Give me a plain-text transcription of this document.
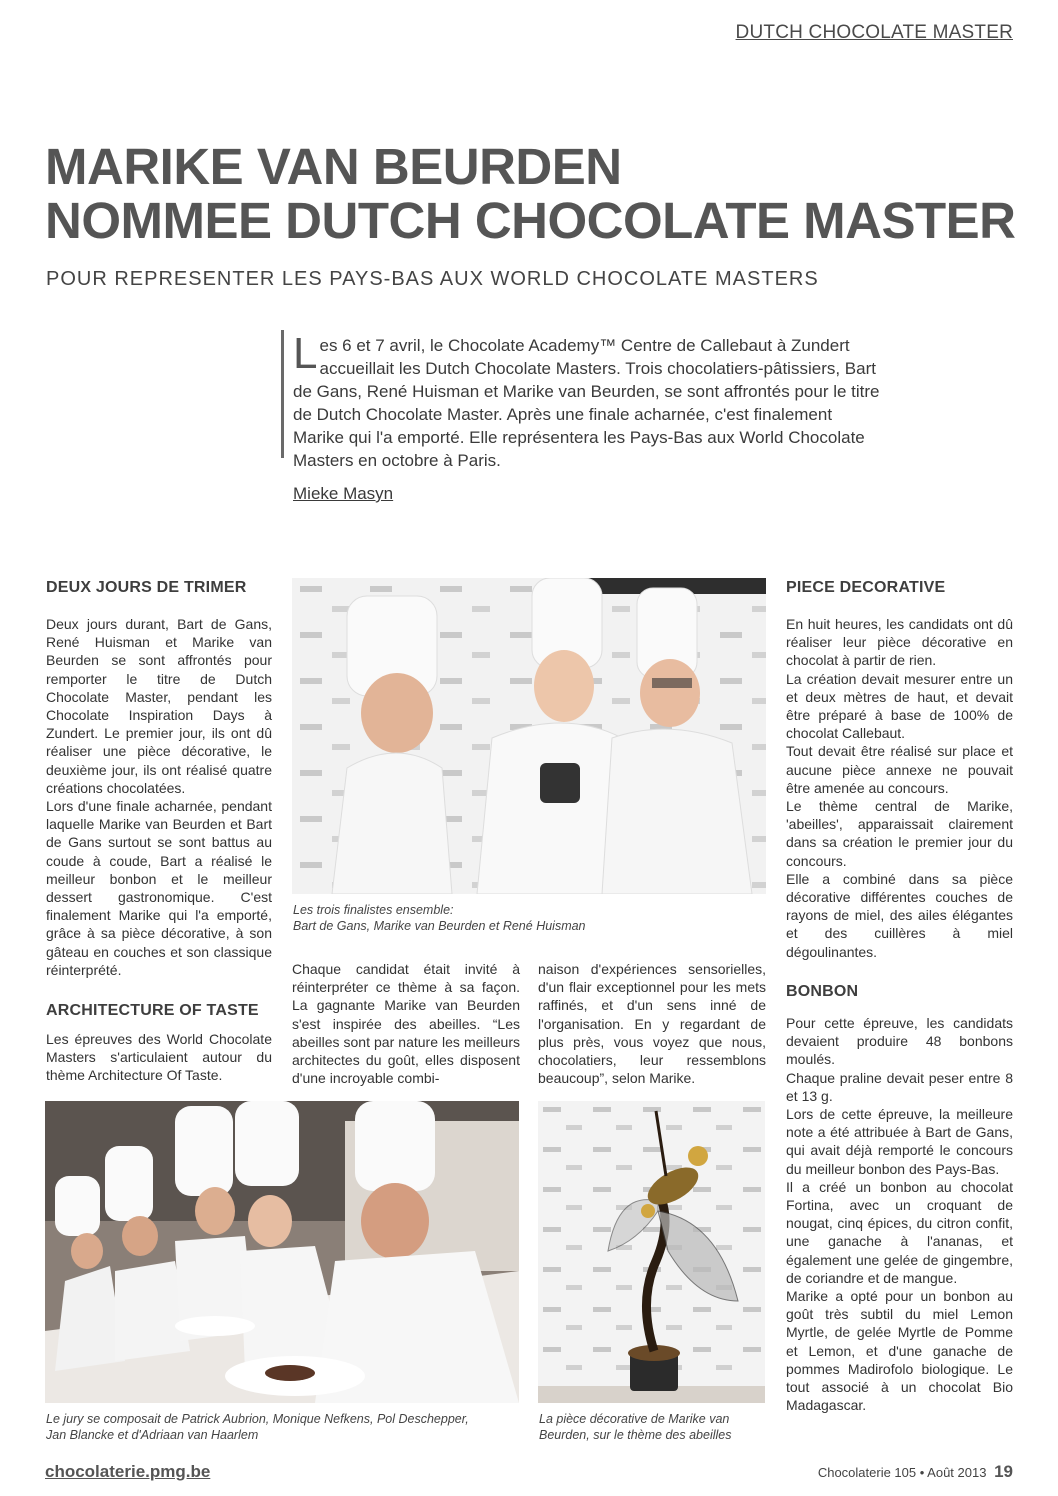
DUTCH CHOCOLATE MASTER
MARIKE VAN BEURDEN
NOMMEE DUTCH CHOCOLATE MASTER
POUR REPRESENTER LES PAYS-BAS AUX WORLD CHOCOLATE MASTERS
Les 6 et 7 avril, le Chocolate Academy™ Centre de Callebaut à Zundert accueillait les Dutch Chocolate Masters. Trois chocolatiers-pâtissiers, Bart de Gans, René Huisman et Marike van Beurden, se sont affrontés pour le titre de Dutch Chocolate Master. Après une finale acharnée, c'est finalement Marike qui l'a emporté. Elle représentera les Pays-Bas aux World Chocolate Masters en octobre à Paris.
Mieke Masyn
DEUX JOURS DE TRIMER
Deux jours durant, Bart de Gans, René Huisman et Marike van Beurden se sont affrontés pour remporter le titre de Dutch Chocolate Master, pendant les Chocolate Inspiration Days à Zundert. Le premier jour, ils ont dû réaliser une pièce décorative, le deuxième jour, ils ont réalisé quatre créations chocolatées.
Lors d'une finale acharnée, pendant laquelle Marike van Beurden et Bart de Gans surtout se sont battus au coude à coude, Bart a réalisé le meilleur bonbon et le meilleur dessert gastronomique. C'est finalement Marike qui l'a emporté, grâce à sa pièce décorative, à son gâteau en couches et son classique réinterprété.
ARCHITECTURE OF TASTE
Les épreuves des World Chocolate Masters s'articulaient autour du thème Architecture Of Taste.
Les trois finalistes ensemble:
Bart de Gans, Marike van Beurden et René Huisman
Chaque candidat était invité à réinterpréter ce thème à sa façon. La gagnante Marike van Beurden s'est inspirée des abeilles. “Les abeilles sont par nature les meilleurs architectes du goût, elles disposent d'une incroyable combi-
naison d'expériences sensorielles, d'un flair exceptionnel pour les mets raffinés, et d'un sens inné de l'organisation. En y regardant de plus près, vous voyez que nous, chocolatiers, leur ressemblons beaucoup”, selon Marike.
PIECE DECORATIVE
En huit heures, les candidats ont dû réaliser leur pièce décorative en chocolat à partir de rien.
La création devait mesurer entre un et deux mètres de haut, et devait être préparé à base de 100% de chocolat Callebaut.
Tout devait être réalisé sur place et aucune pièce annexe ne pouvait être amenée au concours.
Le thème central de Marike, 'abeilles', apparaissait clairement dans sa création le premier jour du concours.
Elle a combiné dans sa pièce décorative différentes couches de rayons de miel, des ailes élégantes et des cuillères à miel dégoulinantes.
BONBON
Pour cette épreuve, les candidats devaient produire 48 bonbons moulés.
Chaque praline devait peser entre 8 et 13 g.
Lors de cette épreuve, la meilleure note a été attribuée à Bart de Gans, qui avait déjà remporté le concours du meilleur bonbon des Pays-Bas.
Il a créé un bonbon au chocolat Fortina, avec un croquant de nougat, cinq épices, du citron confit, une ganache à l'ananas, et également une gelée de gingembre, de coriandre et de mangue.
Marike a opté pour un bonbon au goût très subtil du miel Lemon Myrtle, de gelée Myrtle de Pomme et Lemon, et d'une ganache de pommes Madirofolo biologique. Le tout associé à un chocolat Bio Madagascar.
Le jury se composait de Patrick Aubrion, Monique Nefkens, Pol Deschepper,
Jan Blancke et d'Adriaan van Haarlem
La pièce décorative de Marike van
Beurden, sur le thème des abeilles
chocolaterie.pmg.be	Chocolaterie 105 • Août 2013 19
